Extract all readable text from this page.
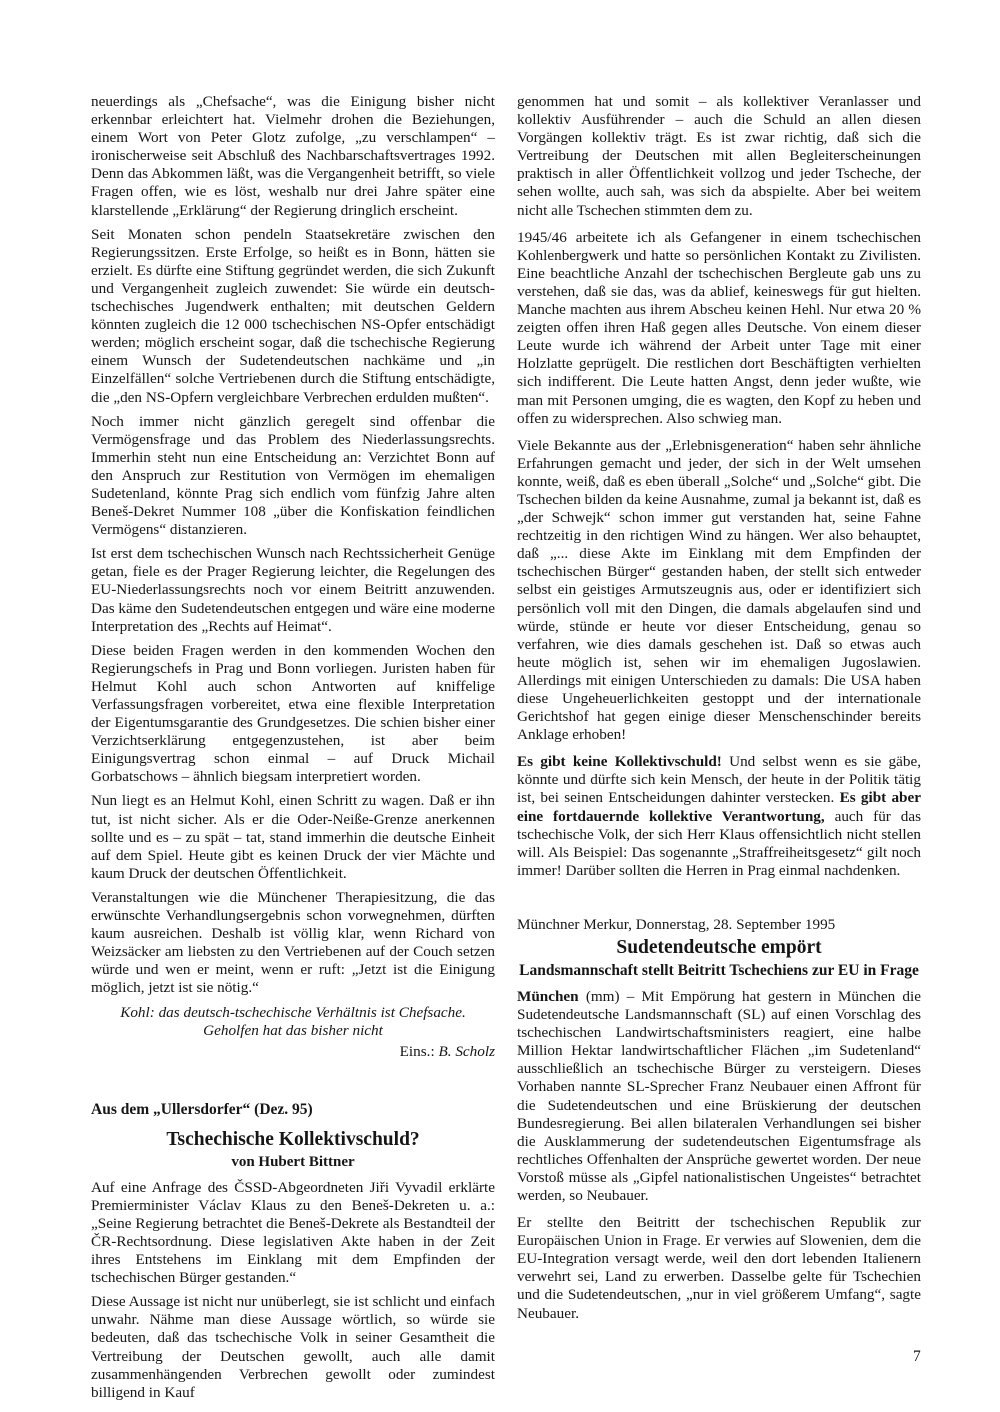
neuerdings als „Chefsache“, was die Einigung bisher nicht erkennbar erleichtert hat. Vielmehr drohen die Beziehungen, einem Wort von Peter Glotz zufolge, „zu verschlampen“ – ironischerweise seit Abschluß des Nachbarschaftsvertrages 1992. Denn das Abkommen läßt, was die Vergangenheit betrifft, so viele Fragen offen, wie es löst, weshalb nur drei Jahre später eine klarstellende „Erklärung“ der Regierung dringlich erscheint.

Seit Monaten schon pendeln Staatsekretäre zwischen den Regierungssitzen. Erste Erfolge, so heißt es in Bonn, hätten sie erzielt. Es dürfte eine Stiftung gegründet werden, die sich Zukunft und Vergangenheit zugleich zuwendet: Sie würde ein deutsch-tschechisches Jugendwerk enthalten; mit deutschen Geldern könnten zugleich die 12 000 tschechischen NS-Opfer entschädigt werden; möglich erscheint sogar, daß die tschechische Regierung einem Wunsch der Sudetendeutschen nachkäme und „in Einzelfällen“ solche Vertriebenen durch die Stiftung entschädigte, die „den NS-Opfern vergleichbare Verbrechen erdulden mußten“.

Noch immer nicht gänzlich geregelt sind offenbar die Vermögensfrage und das Problem des Niederlassungsrechts. Immerhin steht nun eine Entscheidung an: Verzichtet Bonn auf den Anspruch zur Restitution von Vermögen im ehemaligen Sudetenland, könnte Prag sich endlich vom fünfzig Jahre alten Beneš-Dekret Nummer 108 „über die Konfiskation feindlichen Vermögens“ distanzieren.

Ist erst dem tschechischen Wunsch nach Rechtssicherheit Genüge getan, fiele es der Prager Regierung leichter, die Regelungen des EU-Niederlassungsrechts noch vor einem Beitritt anzuwenden. Das käme den Sudetendeutschen entgegen und wäre eine moderne Interpretation des „Rechts auf Heimat“.

Diese beiden Fragen werden in den kommenden Wochen den Regierungschefs in Prag und Bonn vorliegen. Juristen haben für Helmut Kohl auch schon Antworten auf kniffelige Verfassungsfragen vorbereitet, etwa eine flexible Interpretation der Eigentumsgarantie des Grundgesetzes. Die schien bisher einer Verzichtserklärung entgegenzustehen, ist aber beim Einigungsvertrag schon einmal – auf Druck Michail Gorbatschows – ähnlich biegsam interpretiert worden.

Nun liegt es an Helmut Kohl, einen Schritt zu wagen. Daß er ihn tut, ist nicht sicher. Als er die Oder-Neiße-Grenze anerkennen sollte und es – zu spät – tat, stand immerhin die deutsche Einheit auf dem Spiel. Heute gibt es keinen Druck der vier Mächte und kaum Druck der deutschen Öffentlichkeit.

Veranstaltungen wie die Münchener Therapiesitzung, die das erwünschte Verhandlungsergebnis schon vorwegnehmen, dürften kaum ausreichen. Deshalb ist völlig klar, wenn Richard von Weizsäcker am liebsten zu den Vertriebenen auf der Couch setzen würde und wen er meint, wenn er ruft: „Jetzt ist die Einigung möglich, jetzt ist sie nötig.“

Kohl: das deutsch-tschechische Verhältnis ist Chefsache.
Geholfen hat das bisher nicht
Eins.: B. Scholz
Aus dem „Ullersdorfer“ (Dez. 95)
Tschechische Kollektivschuld?
von Hubert Bittner

Auf eine Anfrage des ČSSD-Abgeordneten Jiři Vyvadil erklärte Premierminister Václav Klaus zu den Beneš-Dekreten u. a.: „Seine Regierung betrachtet die Beneš-Dekrete als Bestandteil der ČR-Rechtsordnung. Diese legislativen Akte haben in der Zeit ihres Entstehens im Einklang mit dem Empfinden der tschechischen Bürger gestanden.“

Diese Aussage ist nicht nur unüberlegt, sie ist schlicht und einfach unwahr. Nähme man diese Aussage wörtlich, so würde sie bedeuten, daß das tschechische Volk in seiner Gesamtheit die Vertreibung der Deutschen gewollt, auch alle damit zusammenhängenden Verbrechen gewollt oder zumindest billigend in Kauf

genommen hat und somit – als kollektiver Veranlasser und kollektiv Ausführender – auch die Schuld an allen diesen Vorgängen kollektiv trägt. Es ist zwar richtig, daß sich die Vertreibung der Deutschen mit allen Begleiterscheinungen praktisch in aller Öffentlichkeit vollzog und jeder Tscheche, der sehen wollte, auch sah, was sich da abspielte. Aber bei weitem nicht alle Tschechen stimmten dem zu.

1945/46 arbeitete ich als Gefangener in einem tschechischen Kohlenbergwerk und hatte so persönlichen Kontakt zu Zivilisten. Eine beachtliche Anzahl der tschechischen Bergleute gab uns zu verstehen, daß sie das, was da ablief, keineswegs für gut hielten. Manche machten aus ihrem Abscheu keinen Hehl. Nur etwa 20 % zeigten offen ihren Haß gegen alles Deutsche. Von einem dieser Leute wurde ich während der Arbeit unter Tage mit einer Holzlatte geprügelt. Die restlichen dort Beschäftigten verhielten sich indifferent. Die Leute hatten Angst, denn jeder wußte, wie man mit Personen umging, die es wagten, den Kopf zu heben und offen zu widersprechen. Also schwieg man.

Viele Bekannte aus der „Erlebnisgeneration“ haben sehr ähnliche Erfahrungen gemacht und jeder, der sich in der Welt umsehen konnte, weiß, daß es eben überall „Solche“ und „Solche“ gibt. Die Tschechen bilden da keine Ausnahme, zumal ja bekannt ist, daß es „der Schwejk“ schon immer gut verstanden hat, seine Fahne rechtzeitig in den richtigen Wind zu hängen. Wer also behauptet, daß „... diese Akte im Einklang mit dem Empfinden der tschechischen Bürger“ gestanden haben, der stellt sich entweder selbst ein geistiges Armutszeugnis aus, oder er identifiziert sich persönlich voll mit den Dingen, die damals abgelaufen sind und würde, stünde er heute vor dieser Entscheidung, genau so verfahren, wie dies damals geschehen ist. Daß so etwas auch heute möglich ist, sehen wir im ehemaligen Jugoslawien. Allerdings mit einigen Unterschieden zu damals: Die USA haben diese Ungeheuerlichkeiten gestoppt und der internationale Gerichtshof hat gegen einige dieser Menschenschinder bereits Anklage erhoben!

Es gibt keine Kollektivschuld! Und selbst wenn es sie gäbe, könnte und dürfte sich kein Mensch, der heute in der Politik tätig ist, bei seinen Entscheidungen dahinter verstecken. Es gibt aber eine fortdauernde kollektive Verantwortung, auch für das tschechische Volk, der sich Herr Klaus offensichtlich nicht stellen will. Als Beispiel: Das sogenannte „Straffreiheitsgesetz“ gilt noch immer! Darüber sollten die Herren in Prag einmal nachdenken.

Münchner Merkur, Donnerstag, 28. September 1995
Sudetendeutsche empört
Landsmannschaft stellt Beitritt Tschechiens zur EU in Frage

München (mm) – Mit Empörung hat gestern in München die Sudetendeutsche Landsmannschaft (SL) auf einen Vorschlag des tschechischen Landwirtschaftsministers reagiert, eine halbe Million Hektar landwirtschaftlicher Flächen „im Sudetenland“ ausschließlich an tschechische Bürger zu versteigern. Dieses Vorhaben nannte SL-Sprecher Franz Neubauer einen Affront für die Sudetendeutschen und eine Brüskierung der deutschen Bundesregierung. Bei allen bilateralen Verhandlungen sei bisher die Ausklammerung der sudetendeutschen Eigentumsfrage als rechtliches Offenhalten der Ansprüche gewertet worden. Der neue Vorstoß müsse als „Gipfel nationalistischen Ungeistes“ betrachtet werden, so Neubauer.

Er stellte den Beitritt der tschechischen Republik zur Europäischen Union in Frage. Er verwies auf Slowenien, dem die EU-Integration versagt werde, weil den dort lebenden Italienern verwehrt sei, Land zu erwerben. Dasselbe gelte für Tschechien und die Sudetendeutschen, „nur in viel größerem Umfang“, sagte Neubauer.

7
